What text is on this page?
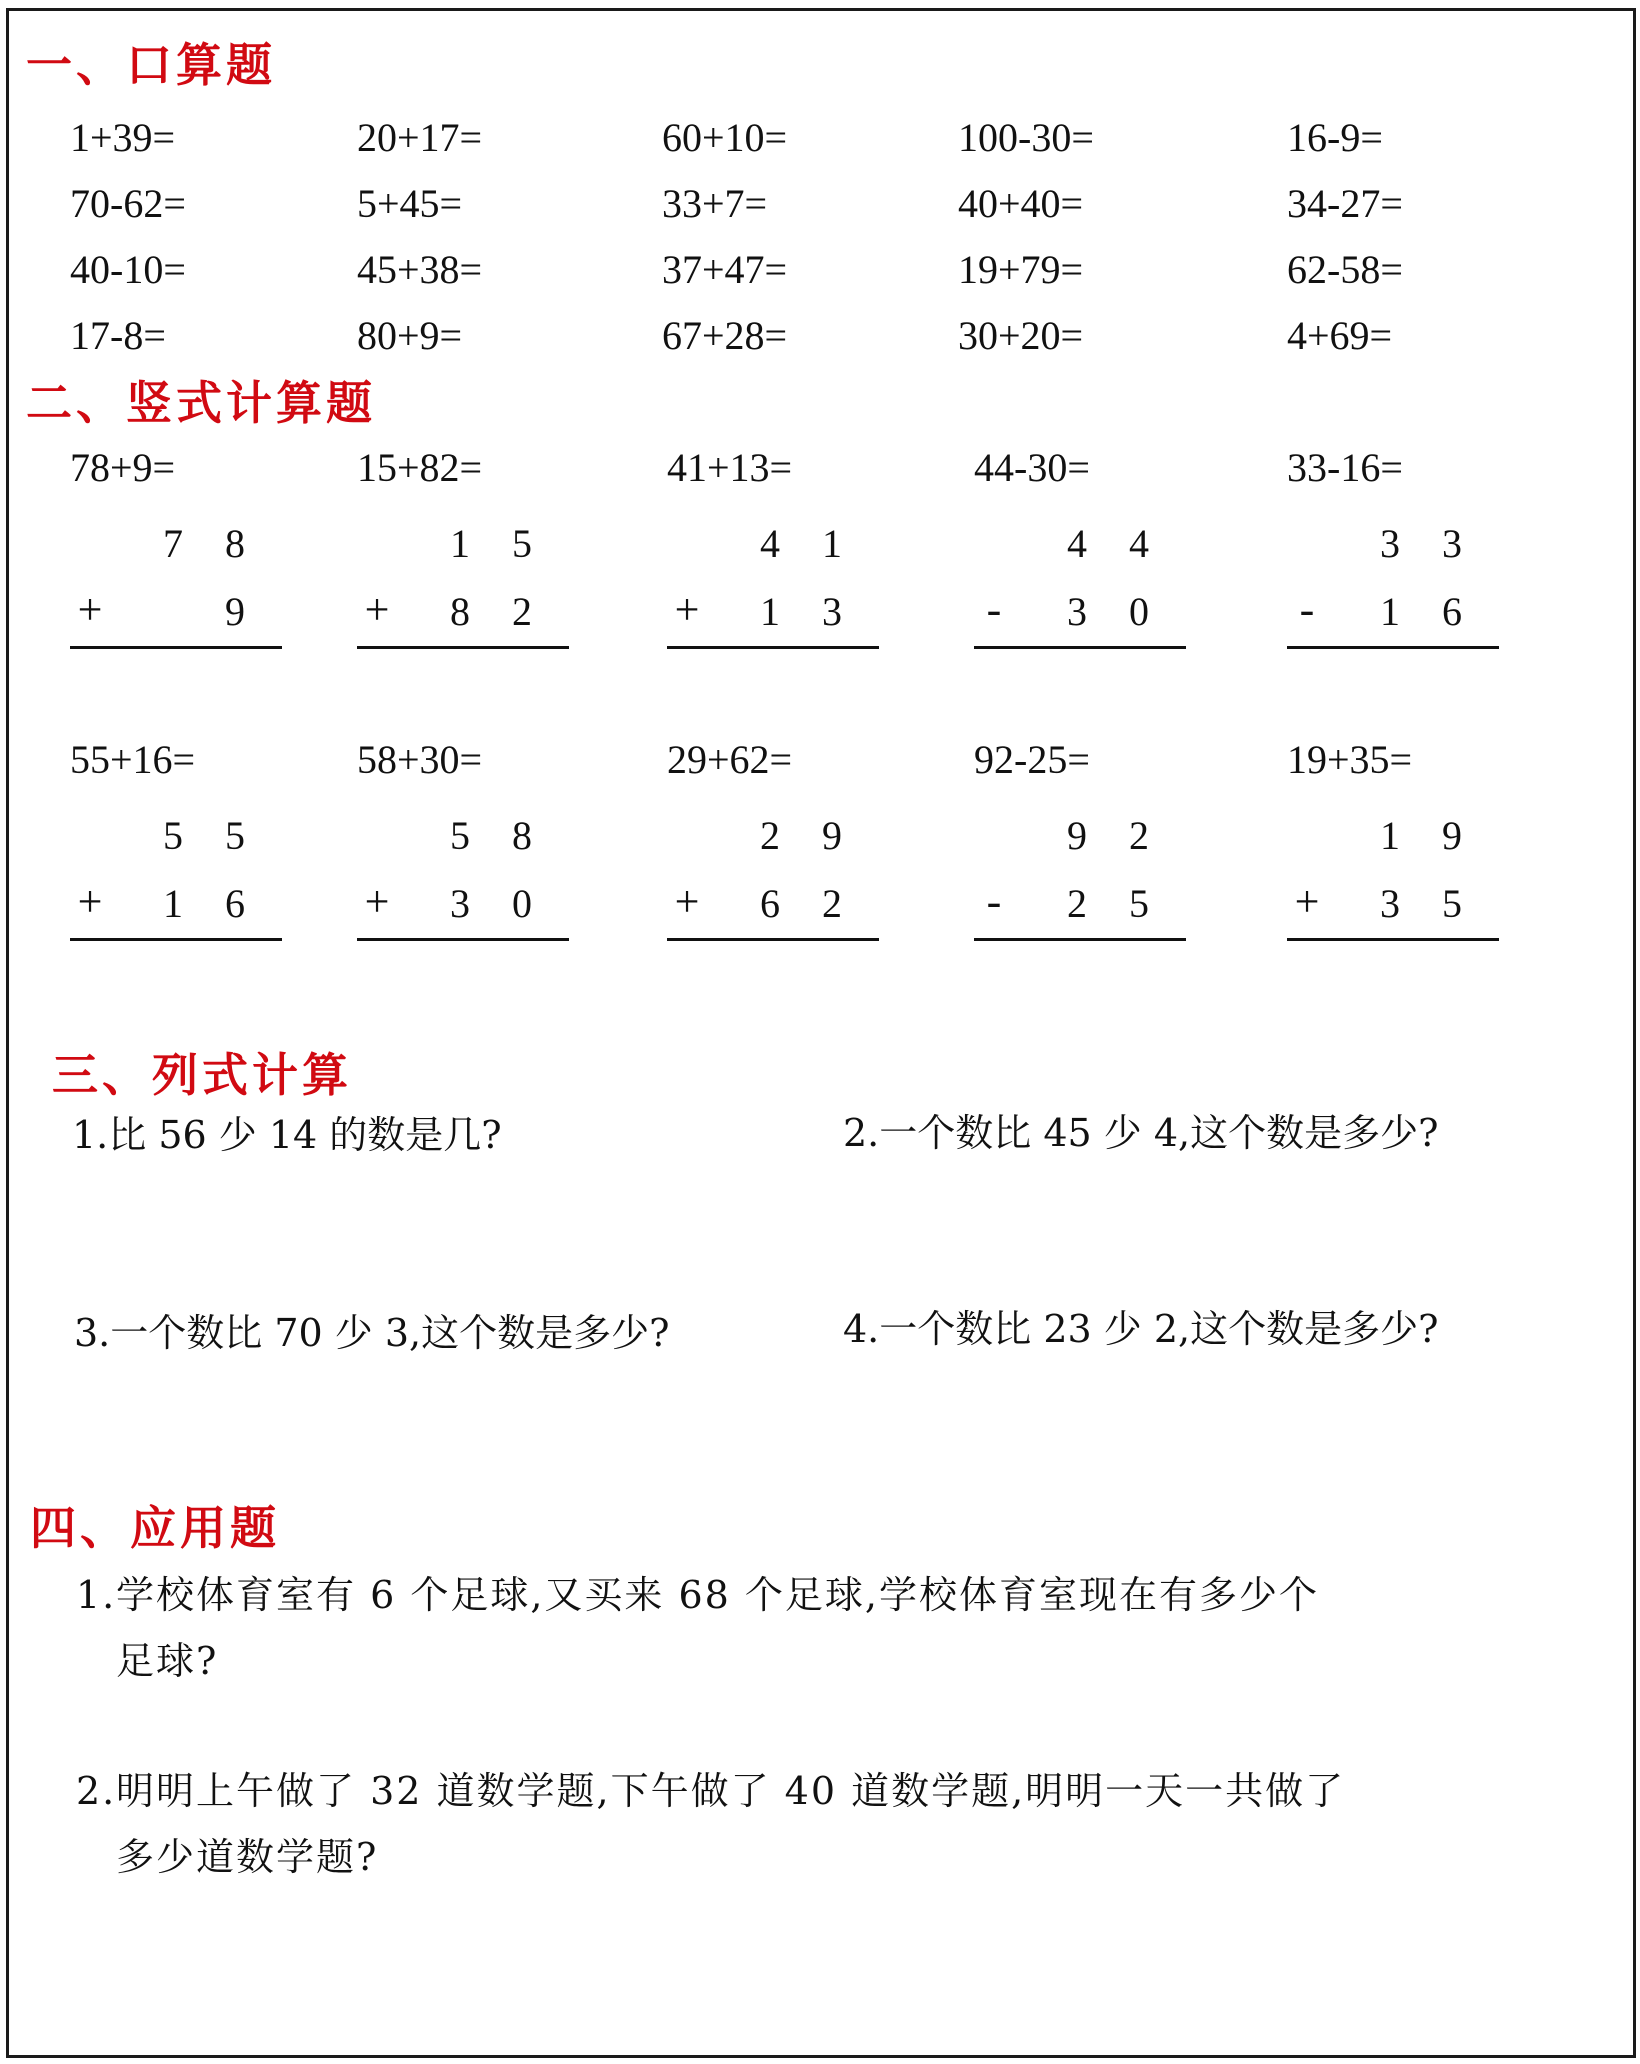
一、口算题
1+39=	20+17=	60+10=	100-30=	16-9=
70-62=	5+45=	33+7=	40+40=	34-27=
40-10=	45+38=	37+47=	19+79=	62-58=
17-8=	80+9=	67+28=	30+20=	4+69=
二、竖式计算题
78+9=
7 8
+	9
15+82=
1 5
+ 8 2
41+13=
4 1
+ 1 3
44-30=
4 4
-	3 0
33-16=
3 3
-	1 6
55+16=
5 5
+ 1 6
58+30=
5 8
+ 3 0
29+62=
2 9
+ 6 2
92-25=
9 2
-	2 5
19+35=
1 9
+ 3 5
三、列式计算
1.比 56 少 14 的数是几?	2.一个数比 45 少 4,这个数是多少?
3.一个数比 70 少 3,这个数是多少?	4.一个数比 23 少 2,这个数是多少?
四、应用题
1.学校体育室有 6 个足球,又买来 68 个足球,学校体育室现在有多少个
足球?
2.明明上午做了 32 道数学题,下午做了 40 道数学题,明明一天一共做了
多少道数学题?
